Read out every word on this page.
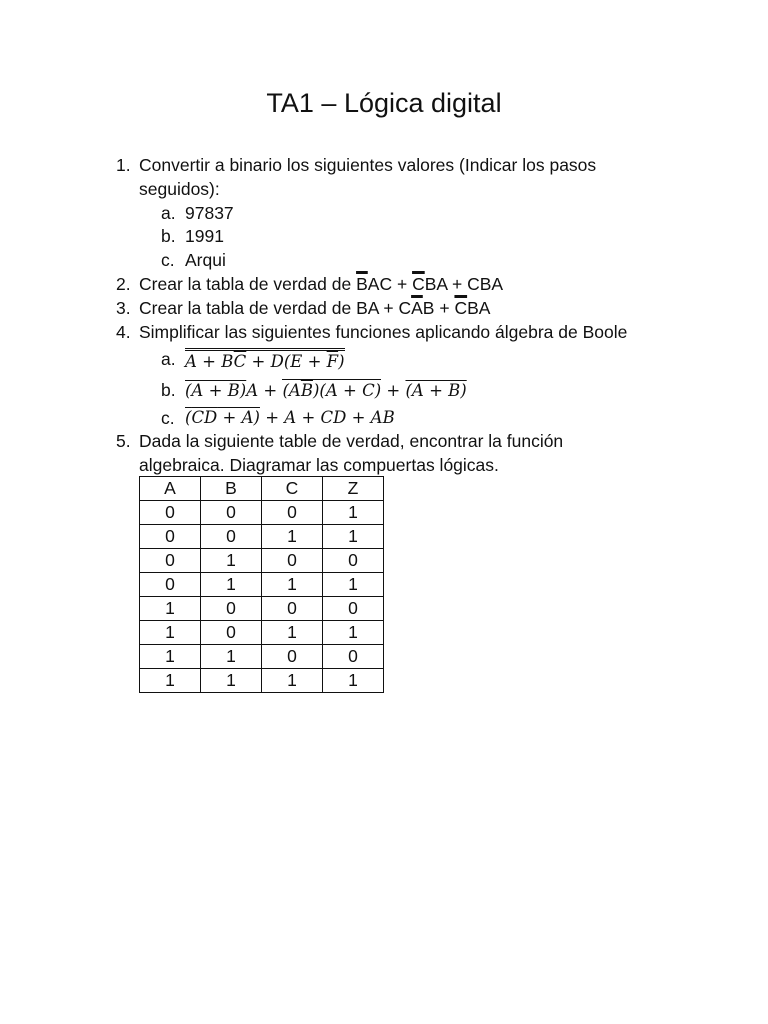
TA1 – Lógica digital
1. Convertir a binario los siguientes valores (Indicar los pasos
seguidos):
a. 97837
b. 1991
c. Arqui
2. Crear la tabla de verdad de $\overline{B}AC + \overline{C}BA$ + CBA
3. Crear la tabla de verdad de BA + $C\overline{A}B + \overline{C}BA$
4. Simplificar las siguientes funciones aplicando álgebra de Boole
a. $A + B\overline{C} + D(E + \overline{F})$
b. $(A + B)A + (A\overline{B})(A + C) + (A + B)$
c. (CD + A) + A + CD + AB
5. Dada la siguiente table de verdad, encontrar la función
algebraica. Diagramar las compuertas lógicas.
A	B	C	Z
0	0	0	1
0	0	1	1
0	1	0	0
0	1	1	1
1	0	0	0
1	0	1	1
1	1	0	0
1	1	1	1
